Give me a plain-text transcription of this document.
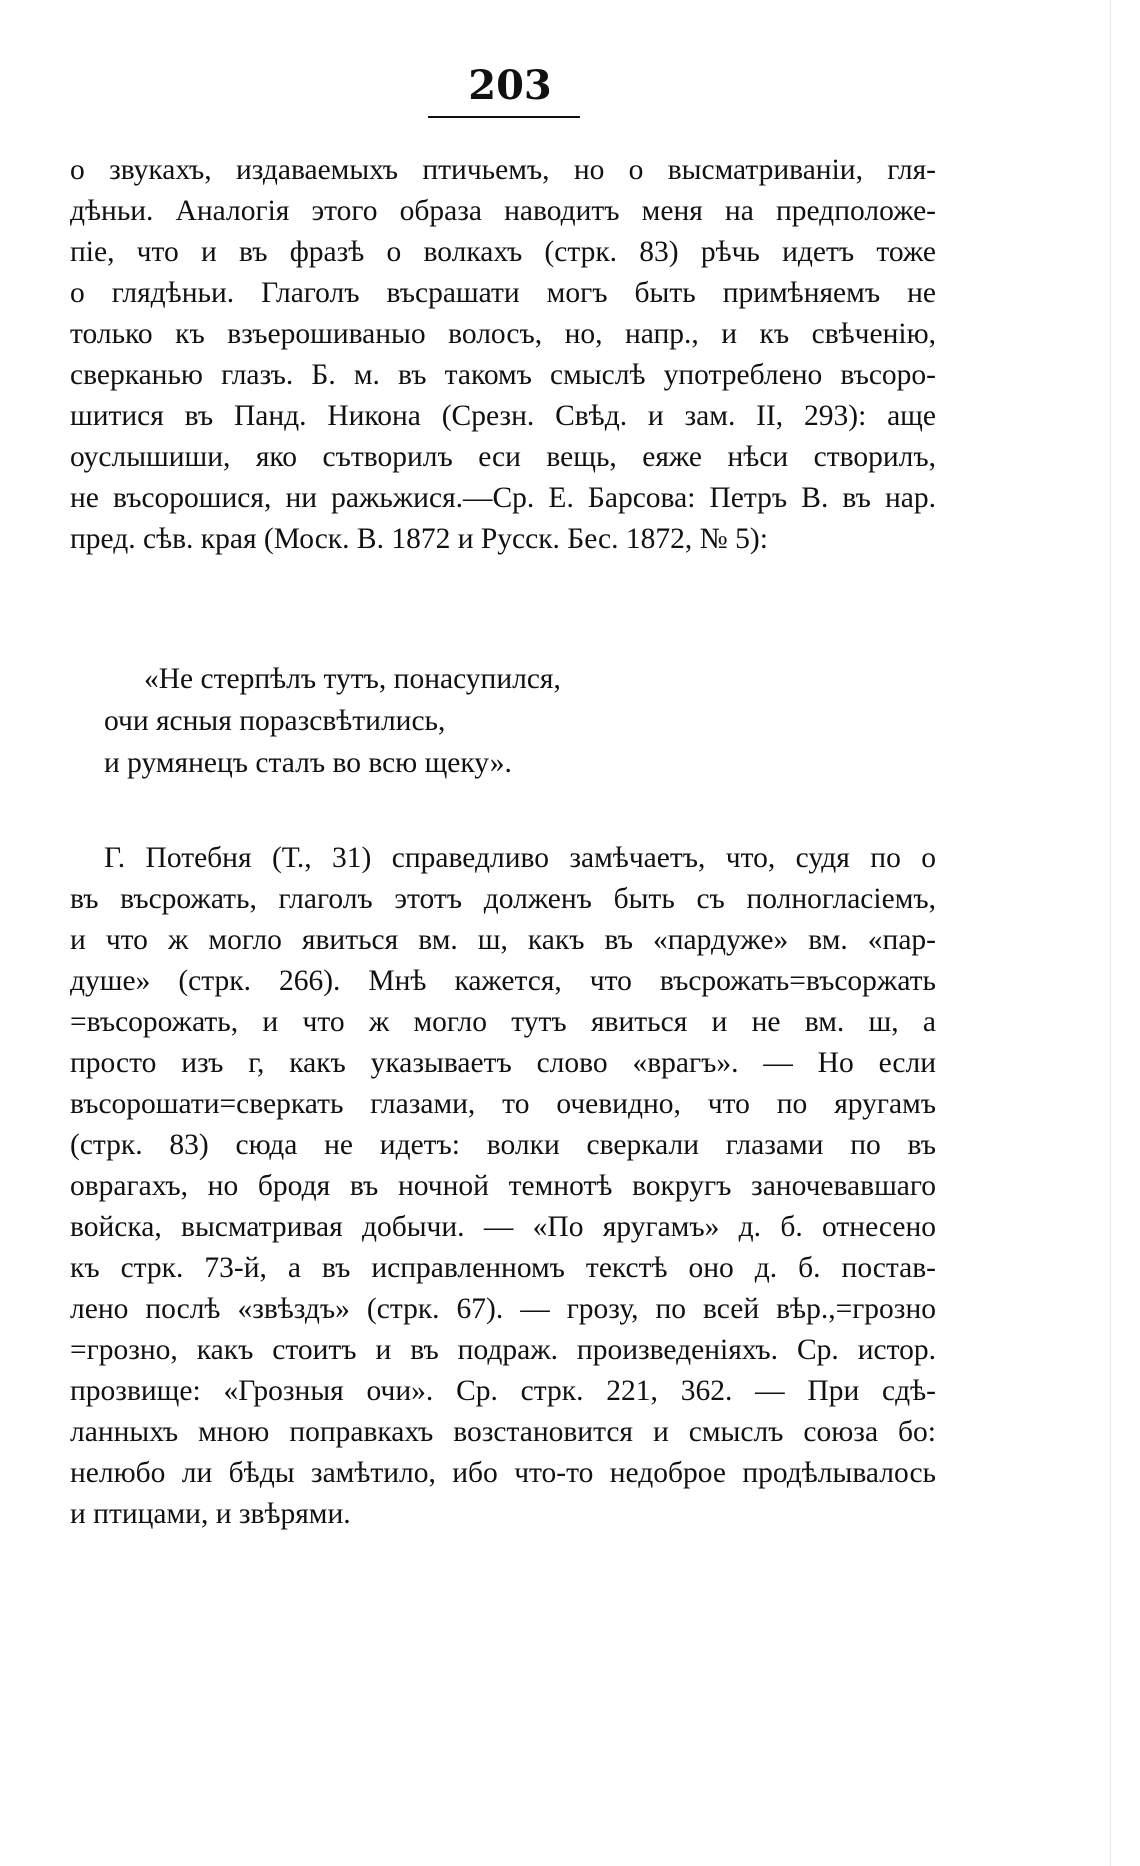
203
о звукахъ, издаваемыхъ птичьемъ, но о высматриваніи, гля-
дѣньи. Аналогія этого образа наводитъ меня на предположе-
піе, что и въ фразѣ о волкахъ (стрк. 83) рѣчь идетъ тоже
о глядѣньи. Глаголъ въсрашати могъ быть примѣняемъ не
только къ взъерошиваныо волосъ, но, напр., и къ свѣченію,
сверканью глазъ. Б. м. въ такомъ смыслѣ употреблено въсоро-
шитися въ Панд. Никона (Срезн. Свѣд. и зам. II, 293): аще
оуслышиши, яко сътворилъ еси вещь, еяже нѣси створилъ,
не въсорошися, ни ражьжися.—Ср. Е. Барсова: Петръ В. въ нар.
пред. сѣв. края (Моск. В. 1872 и Русск. Бес. 1872, № 5):
«Не стерпѣлъ тутъ, понасупился,
очи ясныя поразсвѣтились,
и румянецъ сталъ во всю щеку».
Г. Потебня (Т., 31) справедливо замѣчаетъ, что, судя по о
въ въсрожать, глаголъ этотъ долженъ быть съ полногласіемъ,
и что ж могло явиться вм. ш, какъ въ «пардуже» вм. «пар-
душе» (стрк. 266). Мнѣ кажется, что въсрожать=въсоржать
=въсорожать, и что ж могло тутъ явиться и не вм. ш, а
просто изъ г, какъ указываетъ слово «врагъ». — Но если
въсорошати=сверкать глазами, то очевидно, что по яругамъ
(стрк. 83) сюда не идетъ: волки сверкали глазами по въ
оврагахъ, но бродя въ ночной темнотѣ вокругъ заночевавшаго
войска, высматривая добычи. — «По яругамъ» д. б. отнесено
къ стрк. 73-й, а въ исправленномъ текстѣ оно д. б. постав-
лено послѣ «звѣздъ» (стрк. 67). — грозу, по всей вѣр.,=грозно
=грозно, какъ стоитъ и въ подраж. произведеніяхъ. Ср. истор.
прозвище: «Грозныя очи». Ср. стрк. 221, 362. — При сдѣ-
ланныхъ мною поправкахъ возстановится и смыслъ союза бо:
нелюбо ли бѣды замѣтило, ибо что-то недоброе продѣлывалось
и птицами, и звѣрями.
